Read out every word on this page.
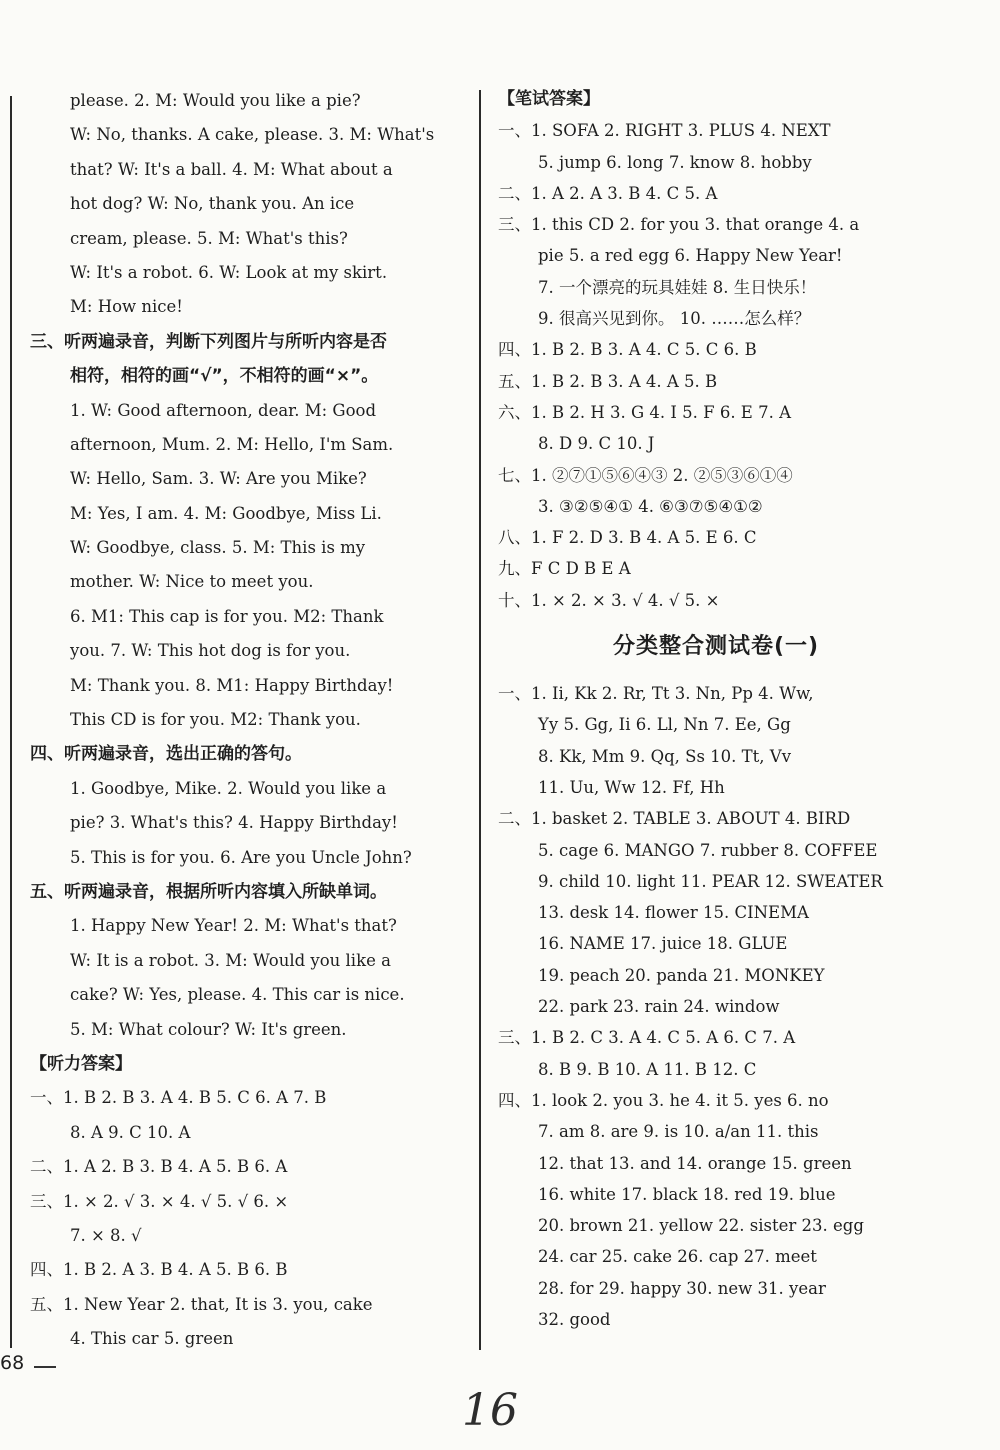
please. 2. M: Would you like a pie?
W: No, thanks. A cake, please. 3. M: What's
that? W: It's a ball. 4. M: What about a
hot dog? W: No, thank you. An ice
cream, please. 5. M: What's this?
W: It's a robot. 6. W: Look at my skirt.
M: How nice!
三、听两遍录音，判断下列图片与所听内容是否
相符，相符的画“√”，不相符的画“×”。
1. W: Good afternoon, dear. M: Good
afternoon, Mum. 2. M: Hello, I'm Sam.
W: Hello, Sam. 3. W: Are you Mike?
M: Yes, I am. 4. M: Goodbye, Miss Li.
W: Goodbye, class. 5. M: This is my
mother. W: Nice to meet you.
6. M1: This cap is for you. M2: Thank
you. 7. W: This hot dog is for you.
M: Thank you. 8. M1: Happy Birthday!
This CD is for you. M2: Thank you.
四、听两遍录音，选出正确的答句。
1. Goodbye, Mike. 2. Would you like a
pie? 3. What's this? 4. Happy Birthday!
5. This is for you. 6. Are you Uncle John?
五、听两遍录音，根据所听内容填入所缺单词。
1. Happy New Year! 2. M: What's that?
W: It is a robot. 3. M: Would you like a
cake? W: Yes, please. 4. This car is nice.
5. M: What colour? W: It's green.
【听力答案】
一、1. B 2. B 3. A 4. B 5. C 6. A 7. B
8. A 9. C 10. A
二、1. A 2. B 3. B 4. A 5. B 6. A
三、1. × 2. √ 3. × 4. √ 5. √ 6. ×
7. × 8. √
四、1. B 2. A 3. B 4. A 5. B 6. B
五、1. New Year 2. that, It is 3. you, cake
4. This car 5. green
【笔试答案】
一、1. SOFA 2. RIGHT 3. PLUS 4. NEXT
5. jump 6. long 7. know 8. hobby
二、1. A 2. A 3. B 4. C 5. A
三、1. this CD 2. for you 3. that orange 4. a
pie 5. a red egg 6. Happy New Year!
7. 一个漂亮的玩具娃娃 8. 生日快乐！
9. 很高兴见到你。 10. ……怎么样？
四、1. B 2. B 3. A 4. C 5. C 6. B
五、1. B 2. B 3. A 4. A 5. B
六、1. B 2. H 3. G 4. I 5. F 6. E 7. A
8. D 9. C 10. J
七、1. ②⑦①⑤⑥④③ 2. ②⑤③⑥①④
3. ③②⑤④① 4. ⑥③⑦⑤④①②
八、1. F 2. D 3. B 4. A 5. E 6. C
九、F C D B E A
十、1. × 2. × 3. √ 4. √ 5. ×
分类整合测试卷(一)
一、1. Ii, Kk 2. Rr, Tt 3. Nn, Pp 4. Ww,
Yy 5. Gg, Ii 6. Ll, Nn 7. Ee, Gg
8. Kk, Mm 9. Qq, Ss 10. Tt, Vv
11. Uu, Ww 12. Ff, Hh
二、1. basket 2. TABLE 3. ABOUT 4. BIRD
5. cage 6. MANGO 7. rubber 8. COFFEE
9. child 10. light 11. PEAR 12. SWEATER
13. desk 14. flower 15. CINEMA
16. NAME 17. juice 18. GLUE
19. peach 20. panda 21. MONKEY
22. park 23. rain 24. window
三、1. B 2. C 3. A 4. C 5. A 6. C 7. A
8. B 9. B 10. A 11. B 12. C
四、1. look 2. you 3. he 4. it 5. yes 6. no
7. am 8. are 9. is 10. a/an 11. this
12. that 13. and 14. orange 15. green
16. white 17. black 18. red 19. blue
20. brown 21. yellow 22. sister 23. egg
24. car 25. cake 26. cap 27. meet
28. for 29. happy 30. new 31. year
32. good
68
16
